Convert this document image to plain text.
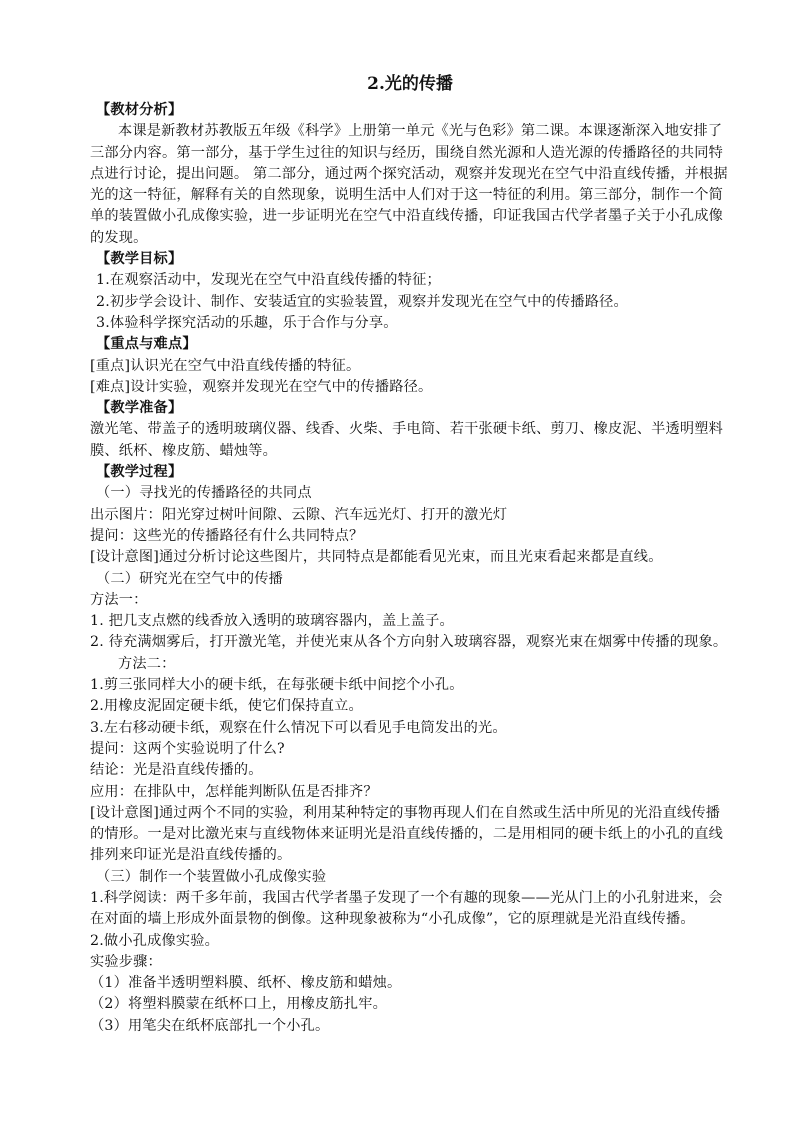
2.光的传播

【教材分析】

本课是新教材苏教版五年级《科学》上册第一单元《光与色彩》第二课。本课逐渐深入地安排了三部分内容。第一部分，基于学生过往的知识与经历，围绕自然光源和人造光源的传播路径的共同特点进行讨论，提出问题。 第二部分，通过两个探究活动，观察并发现光在空气中沿直线传播，并根据光的这一特征，解释有关的自然现象，说明生活中人们对于这一特征的利用。第三部分，制作一个简单的装置做小孔成像实验，进一步证明光在空气中沿直线传播，印证我国古代学者墨子关于小孔成像的发现。

【教学目标】

1.在观察活动中，发现光在空气中沿直线传播的特征；

2.初步学会设计、制作、安装适宜的实验装置，观察并发现光在空气中的传播路径。

3.体验科学探究活动的乐趣，乐于合作与分享。

【重点与难点】

[重点]认识光在空气中沿直线传播的特征。

[难点]设计实验，观察并发现光在空气中的传播路径。

【教学准备】

激光笔、带盖子的透明玻璃仪器、线香、火柴、手电筒、若干张硬卡纸、剪刀、橡皮泥、半透明塑料膜、纸杯、橡皮筋、蜡烛等。

【教学过程】

（一）寻找光的传播路径的共同点

出示图片：阳光穿过树叶间隙、云隙、汽车远光灯、打开的激光灯

提问：这些光的传播路径有什么共同特点？

[设计意图]通过分析讨论这些图片，共同特点是都能看见光束，而且光束看起来都是直线。

（二）研究光在空气中的传播

方法一：

1. 把几支点燃的线香放入透明的玻璃容器内，盖上盖子。

2. 待充满烟雾后，打开激光笔，并使光束从各个方向射入玻璃容器，观察光束在烟雾中传播的现象。

方法二：

1.剪三张同样大小的硬卡纸，在每张硬卡纸中间挖个小孔。

2.用橡皮泥固定硬卡纸，使它们保持直立。

3.左右移动硬卡纸，观察在什么情况下可以看见手电筒发出的光。

提问：这两个实验说明了什么?

结论：光是沿直线传播的。

应用：在排队中，怎样能判断队伍是否排齐？

[设计意图]通过两个不同的实验，利用某种特定的事物再现人们在自然或生活中所见的光沿直线传播的情形。一是对比激光束与直线物体来证明光是沿直线传播的，二是用相同的硬卡纸上的小孔的直线排列来印证光是沿直线传播的。

（三）制作一个装置做小孔成像实验

1.科学阅读：两千多年前，我国古代学者墨子发现了一个有趣的现象——光从门上的小孔射进来，会在对面的墙上形成外面景物的倒像。这种现象被称为“小孔成像”，它的原理就是光沿直线传播。

2.做小孔成像实验。

实验步骤：

（1）准备半透明塑料膜、纸杯、橡皮筋和蜡烛。

（2）将塑料膜蒙在纸杯口上，用橡皮筋扎牢。

（3）用笔尖在纸杯底部扎一个小孔。
